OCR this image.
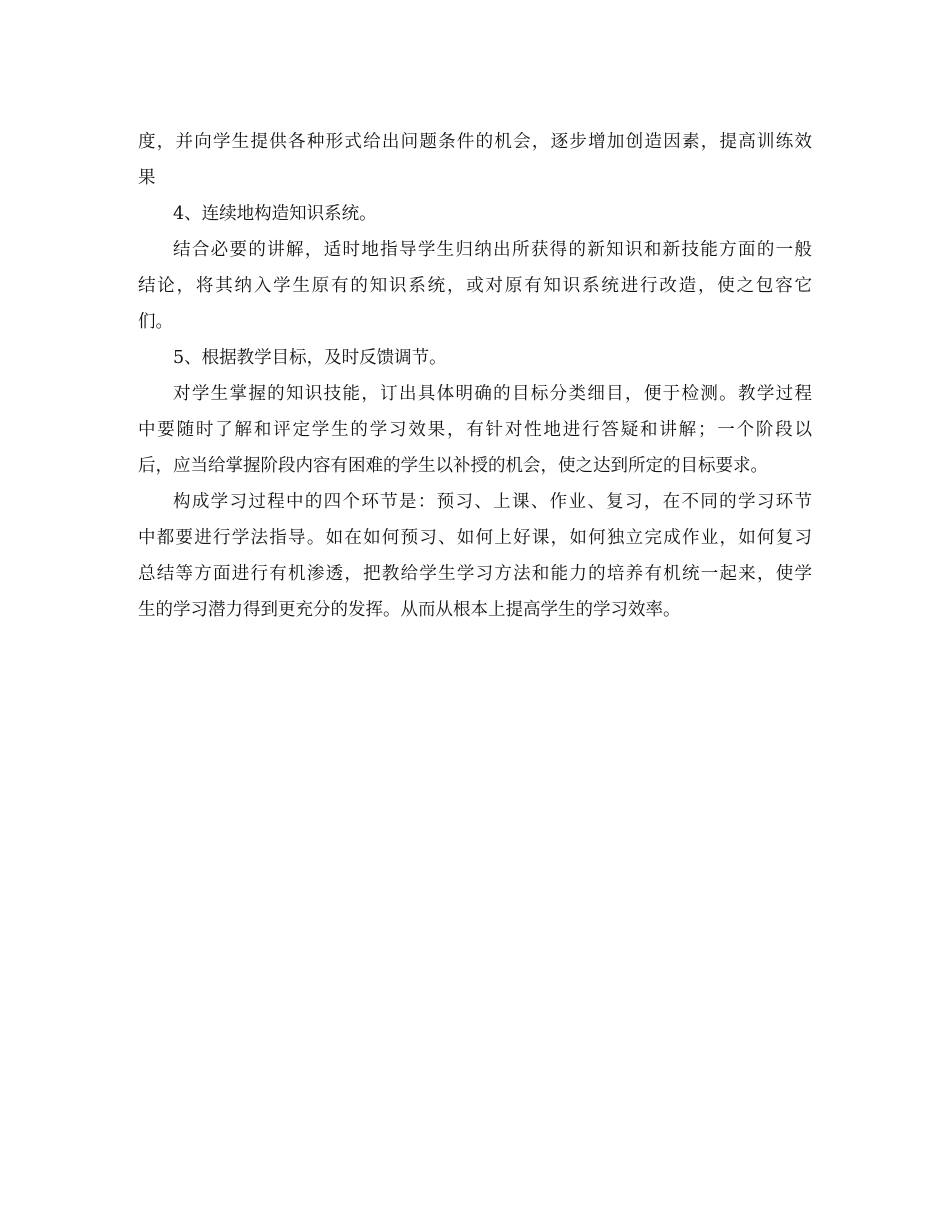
度，并向学生提供各种形式给出问题条件的机会，逐步增加创造因素，提高训练效
果
4、连续地构造知识系统。
结合必要的讲解，适时地指导学生归纳出所获得的新知识和新技能方面的一般
结论，将其纳入学生原有的知识系统，或对原有知识系统进行改造，使之包容它
们。
5、根据教学目标，及时反馈调节。
对学生掌握的知识技能，订出具体明确的目标分类细目，便于检测。教学过程
中要随时了解和评定学生的学习效果，有针对性地进行答疑和讲解；一个阶段以
后，应当给掌握阶段内容有困难的学生以补授的机会，使之达到所定的目标要求。
构成学习过程中的四个环节是：预习、上课、作业、复习，在不同的学习环节
中都要进行学法指导。如在如何预习、如何上好课，如何独立完成作业，如何复习
总结等方面进行有机渗透，把教给学生学习方法和能力的培养有机统一起来，使学
生的学习潜力得到更充分的发挥。从而从根本上提高学生的学习效率。
